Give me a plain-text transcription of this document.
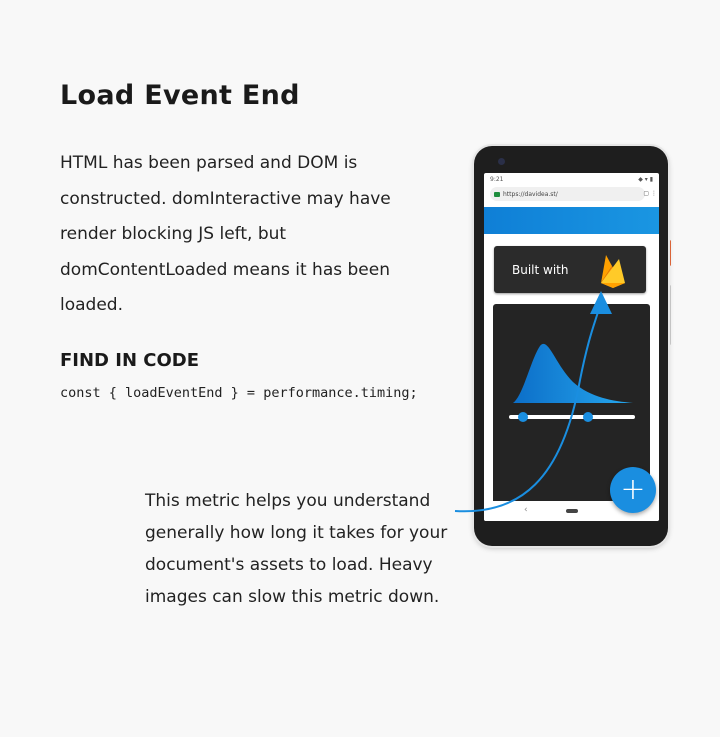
Load Event End
HTML has been parsed and DOM is constructed. domInteractive may have render blocking JS left, but domContentLoaded means it has been loaded.
FIND IN CODE
const { loadEventEnd } = performance.timing;
This metric helps you understand generally how long it takes for your document's assets to load. Heavy images can slow this metric down.
9:21	◆ ▾ ▮
https://davidea.st/	▢ ⋮
Built with
‹
+
